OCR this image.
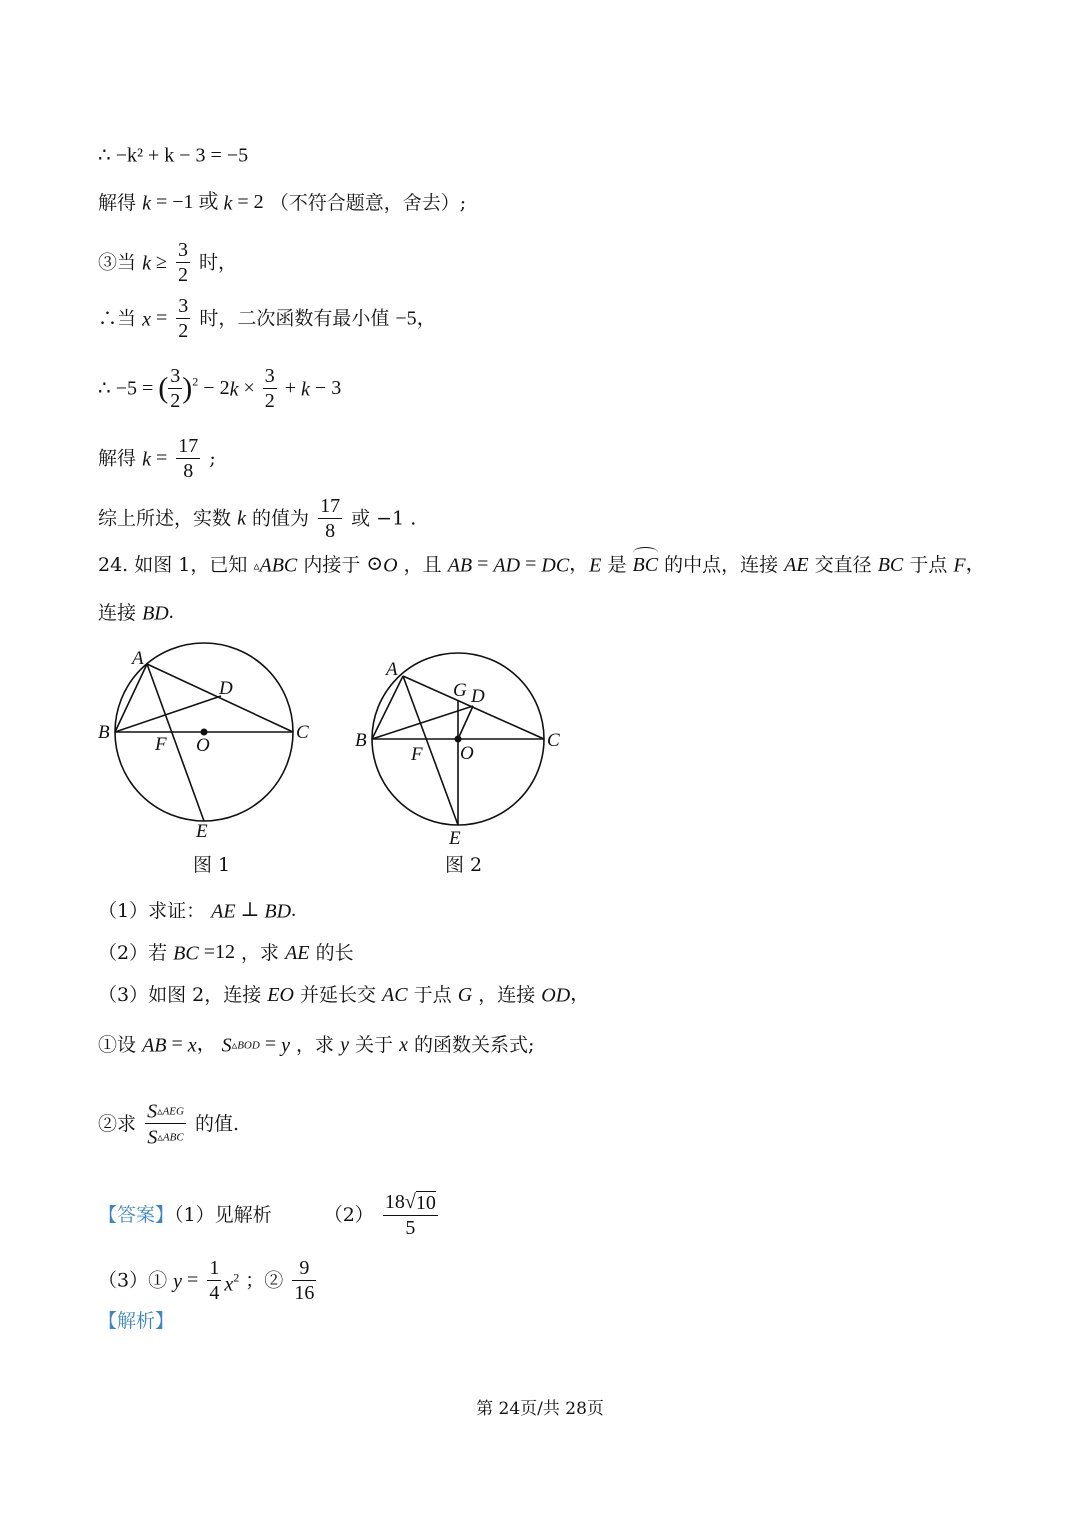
∴ −k² + k − 3 = −5
解得 k = −1 或 k = 2 （不符合题意，舍去）;
③当 $k \ge \frac{3}{2}$ 时，
∴当 $x = \frac{3}{2}$ 时，二次函数有最小值 −5，
∴ −5 = ( $\frac{3}{2} )^2 - 2k \times \frac{3}{2} + k - 3$
解得 $k = \frac{17}{8}$ ;
综上所述，实数 k 的值为 $\frac{17}{8}$ 或 −1 .
24. 如图 1，已知 ▵ABC 内接于 ⊙O ，且 AB = AD = DC，E 是 BC 的中点，连接 AE 交直径 BC 于点 F，
连接 BD.
A
B	C
D
F O
E
图 1
A
B	C
G D
F O
E
图 2
（1）求证： AE ⊥ BD.
（2）若 BC =12 ，求 AE 的长
（3）如图 2，连接 EO 并延长交 AC 于点 G ，连接 OD，
①设 AB = x， S▵BOD = y ，求 y 关于 x 的函数关系式;
②求 $\frac{\text{S▵AEG}}{\text{S▵ABC}}$ 的值.
【答案】（1）见解析	$(2) \frac{18√10}{5}$
（3）① $y = \frac{1}{4} x^2$ ；② $\frac{9}{16}$
【解析】
第 24页/共 28页
